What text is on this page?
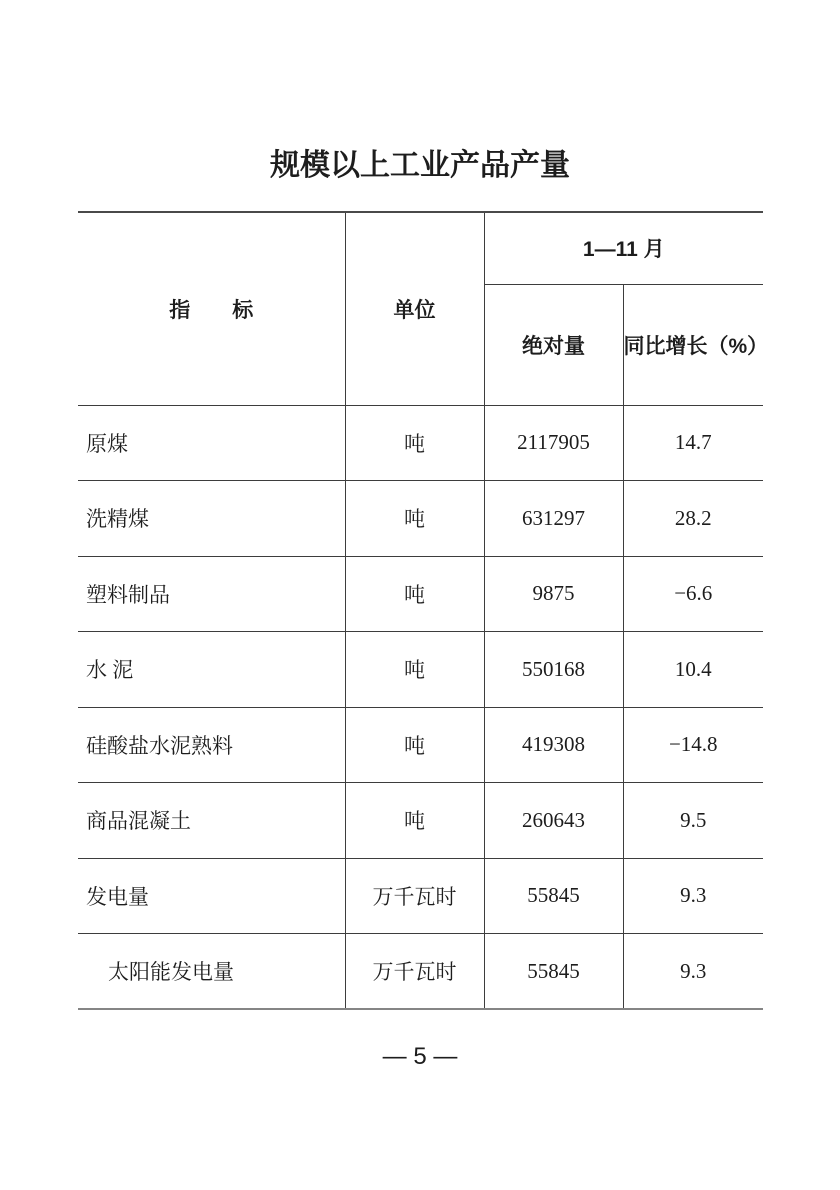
规模以上工业产品产量
指　　标	单位	1—11 月	
		绝对量	同比增长（%）
原煤	吨	2117905	14.7
洗精煤	吨	631297	28.2
塑料制品	吨	9875	−6.6
水 泥	吨	550168	10.4
硅酸盐水泥熟料	吨	419308	−14.8
商品混凝土	吨	260643	9.5
发电量	万千瓦时	55845	9.3
太阳能发电量	万千瓦时	55845	9.3
— 5 —
